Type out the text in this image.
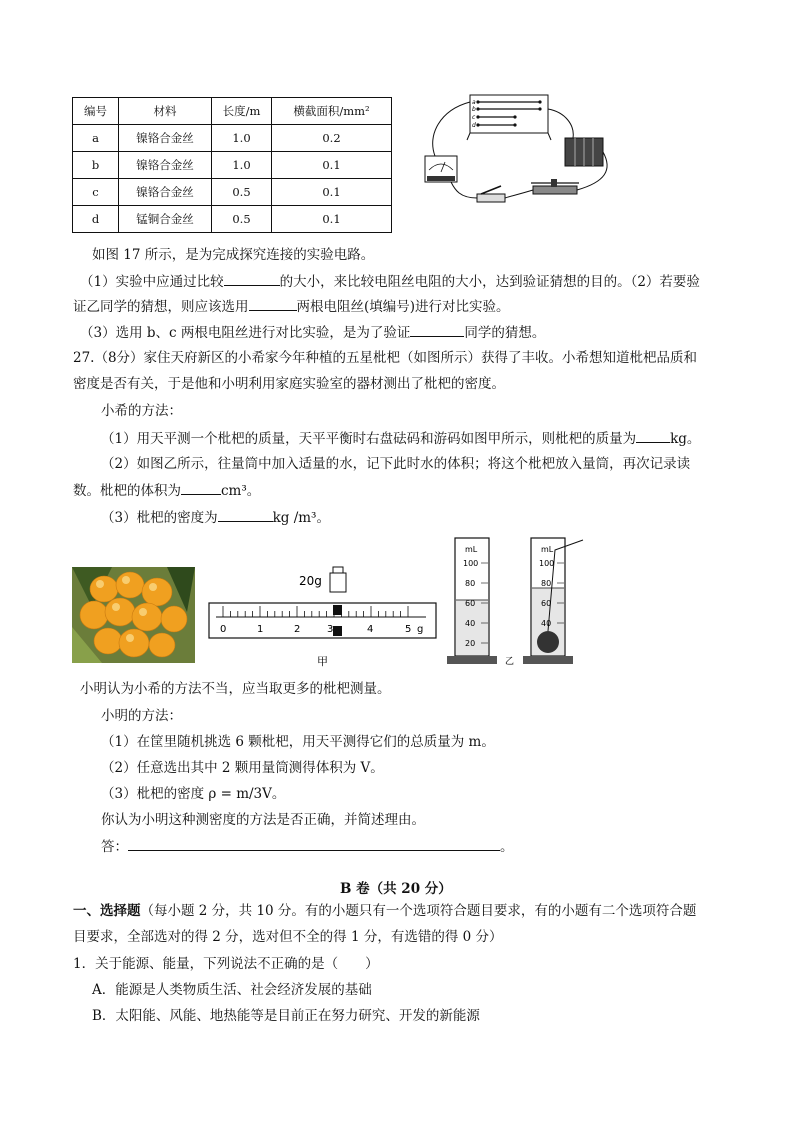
编号	材料	长度/m	横截面积/mm²
a	镍铬合金丝	1.0	0.2
b	镍铬合金丝	1.0	0.1
c	镍铬合金丝	0.5	0.1
d	锰铜合金丝	0.5	0.1
a
b
c
d
如图 17 所示，是为完成探究连接的实验电路。
（1）实验中应通过比较	的大小，来比较电阻丝电阻的大小，达到验证猜想的目的。（2）若要验
证乙同学的猜想，则应该选用	两根电阻丝(填编号)进行对比实验。
（3）选用 b、c 两根电阻丝进行对比实验，是为了验证	同学的猜想。
27.（8分）家住天府新区的小希家今年种植的五星枇杷（如图所示）获得了丰收。小希想知道枇杷品质和
密度是否有关，于是他和小明利用家庭实验室的器材测出了枇杷的密度。
小希的方法：
（1）用天平测一个枇杷的质量，天平平衡时右盘砝码和游码如图甲所示，则枇杷的质量为	kg。
（2）如图乙所示，往量筒中加入适量的水，记下此时水的体积；将这个枇杷放入量筒，再次记录读
数。枇杷的体积为	cm³。
（3）枇杷的密度为	kg /m³。
20g
0	1	2	3	4	5 g
甲
mL
100
80
60
40
20
mL
100
80
60
40
乙
小明认为小希的方法不当，应当取更多的枇杷测量。
小明的方法：
（1）在筐里随机挑选 6 颗枇杷，用天平测得它们的总质量为 m。
（2）任意选出其中 2 颗用量筒测得体积为 V。
（3）枇杷的密度 ρ = m/3V。
你认为小明这种测密度的方法是否正确，并简述理由。
答：	。
B 卷（共 20 分）
一、选择题（每小题 2 分，共 10 分。有的小题只有一个选项符合题目要求，有的小题有二个选项符合题
目要求，全部选对的得 2 分，选对但不全的得 1 分，有选错的得 0 分）
1．关于能源、能量，下列说法不正确的是（　　）
A．能源是人类物质生活、社会经济发展的基础
B．太阳能、风能、地热能等是目前正在努力研究、开发的新能源
